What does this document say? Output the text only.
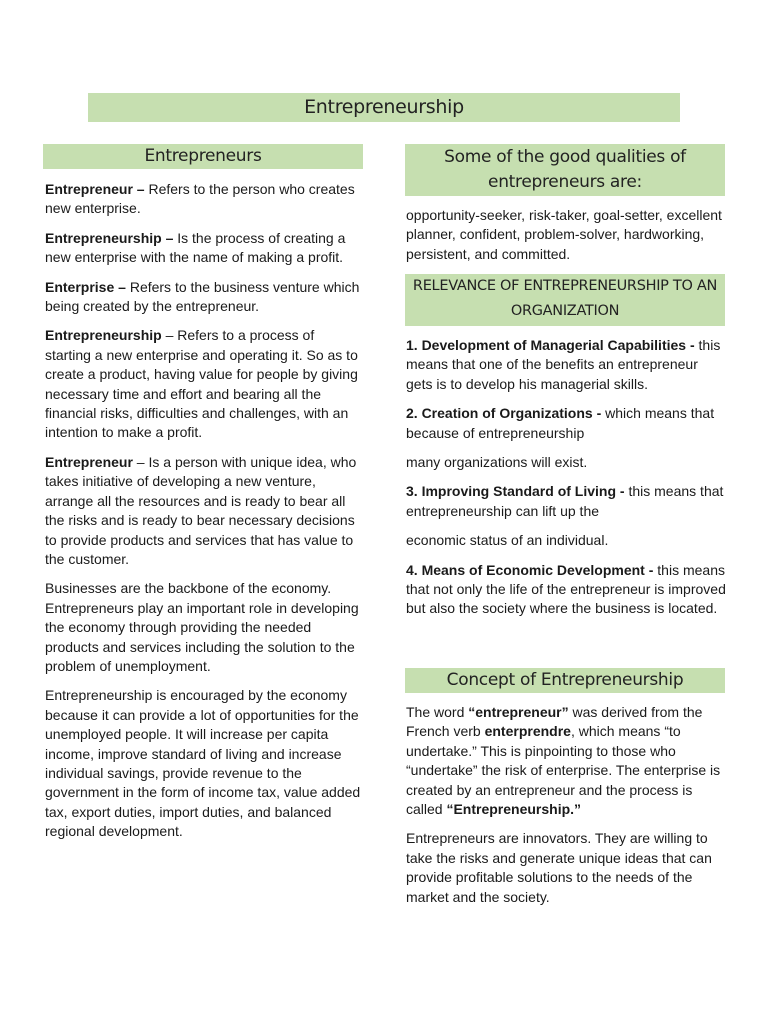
Entrepreneurship
Entrepreneurs

Entrepreneur – Refers to the person who creates new enterprise.

Entrepreneurship – Is the process of creating a new enterprise with the name of making a profit.

Enterprise – Refers to the business venture which being created by the entrepreneur.

Entrepreneurship – Refers to a process of starting a new enterprise and operating it. So as to create a product, having value for people by giving necessary time and effort and bearing all the financial risks, difficulties and challenges, with an intention to make a profit.

Entrepreneur – Is a person with unique idea, who takes initiative of developing a new venture, arrange all the resources and is ready to bear all the risks and is ready to bear necessary decisions to provide products and services that has value to the customer.

Businesses are the backbone of the economy. Entrepreneurs play an important role in developing the economy through providing the needed products and services including the solution to the problem of unemployment.

Entrepreneurship is encouraged by the economy because it can provide a lot of opportunities for the unemployed people. It will increase per capita income, improve standard of living and increase individual savings, provide revenue to the government in the form of income tax, value added tax, export duties, import duties, and balanced regional development.

Some of the good qualities of
entrepreneurs are:
opportunity-seeker, risk-taker, goal-setter, excellent planner, confident, problem-solver, hardworking, persistent, and committed.
RELEVANCE OF ENTREPRENEURSHIP TO AN
ORGANIZATION

1. Development of Managerial Capabilities - this means that one of the benefits an entrepreneur gets is to develop his managerial skills.

2. Creation of Organizations - which means that because of entrepreneurship

many organizations will exist.

3. Improving Standard of Living - this means that entrepreneurship can lift up the

economic status of an individual.

4. Means of Economic Development - this means that not only the life of the entrepreneur is improved but also the society where the business is located.

Concept of Entrepreneurship

The word “entrepreneur” was derived from the French verb enterprendre, which means “to undertake.” This is pinpointing to those who “undertake” the risk of enterprise. The enterprise is created by an entrepreneur and the process is called “Entrepreneurship.”

Entrepreneurs are innovators. They are willing to take the risks and generate unique ideas that can provide profitable solutions to the needs of the market and the society.
